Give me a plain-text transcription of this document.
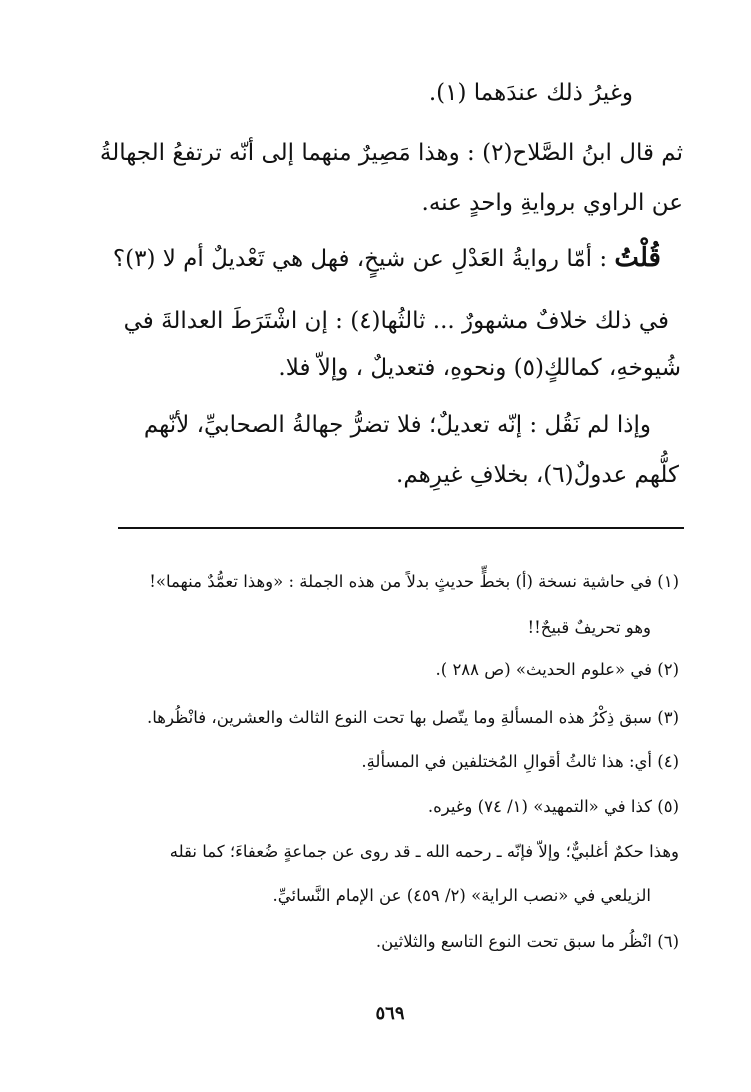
وغيرُ ذلك عندَهما (١).
ثم قال ابنُ الصَّلاح(٢) : وهذا مَصِيرٌ منهما إلى أنّه ترتفعُ الجهالةُ
عن الراوي بروايةِ واحدٍ عنه.
قُلْتُ : أمّا روايةُ العَدْلِ عن شيخٍ، فهل هي تَعْديلٌ أم لا (٣)؟
في ذلك خلافٌ مشهورٌ ... ثالثُها(٤) : إن اشْتَرَطَ العدالةَ في
شُيوخهِ، كمالكٍ(٥) ونحوهِ، فتعديلٌ ، وإلاّ فلا.
وإذا لم نَقُل : إنّه تعديلٌ؛ فلا تضرُّ جهالةُ الصحابيِّ، لأنّهم
كلُّهم عدولٌ(٦)، بخلافِ غيرِهم.
(١) في حاشية نسخة (أ) بخطٍّ حديثٍ بدلاً من هذه الجملة : «وهذا تعمُّدٌ منهما»!
وهو تحريفٌ قبيحٌ!!
(٢) في «علوم الحديث» (ص ٢٨٨ ).
(٣) سبق ذِكْرُ هذه المسألةِ وما يتّصل بها تحت النوع الثالث والعشرين، فانْظُرها.
(٤) أي: هذا ثالثُ أقوالِ المُختلفين في المسألةِ.
(٥) كذا في «التمهيد» (١/ ٧٤) وغيره.
وهذا حكمٌ أغلبيٌّ؛ وإلاّ فإنّه ـ رحمه الله ـ قد روى عن جماعةٍ ضُعفاءَ؛ كما نقله
الزيلعي في «نصب الراية» (٢/ ٤٥٩) عن الإمام النَّسائيِّ.
(٦) انْظُر ما سبق تحت النوع التاسع والثلاثين.
٥٦٩
